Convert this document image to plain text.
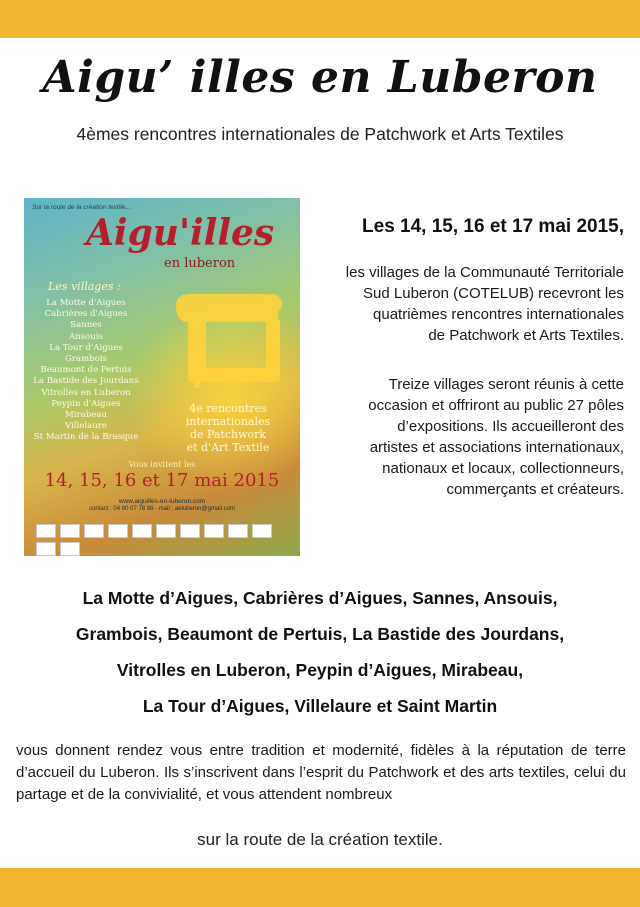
Aigu’ illes en Luberon
4èmes rencontres internationales de Patchwork et Arts Textiles
Sur la route de la création textile...
Aigu'illes
en luberon
Les villages :
La Motte d'Aigues
Cabrières d'Aigues
Sannes
Ansouis
La Tour d'Aigues
Grambois
Beaumont de Pertuis
La Bastide des Jourdans
Vitrolles en Luberon
Peypin d'Aigues
Mirabeau
Villelaure
St Martin de la Brasque
4e rencontres
internationales
de Patchwork
et d'Art Textile
Vous invitent les
14, 15, 16 et 17 mai 2015
www.aiguilles-en-luberon.com
contact : 04 90 07 78 98 - mail : aeluberon@gmail.com
Les 14, 15, 16 et 17 mai 2015,
les villages de la Communauté Territoriale
Sud Luberon (COTELUB) recevront les
quatrièmes rencontres internationales
de Patchwork et Arts Textiles.
Treize villages seront réunis à cette
occasion et offriront au public 27 pôles
d’expositions. Ils accueilleront des
artistes et associations internationaux,
nationaux et locaux, collectionneurs,
commerçants et créateurs.
La Motte d’Aigues, Cabrières d’Aigues, Sannes, Ansouis,
Grambois, Beaumont de Pertuis, La Bastide des Jourdans,
Vitrolles en Luberon, Peypin d’Aigues, Mirabeau,
La Tour d’Aigues, Villelaure et Saint Martin
vous donnent rendez vous entre tradition et modernité, fidèles à la réputation de terre d’accueil du Luberon. Ils s’inscrivent dans l’esprit du Patchwork et des arts textiles, celui du partage et de la convivialité, et vous attendent nombreux
sur la route de la création textile.
